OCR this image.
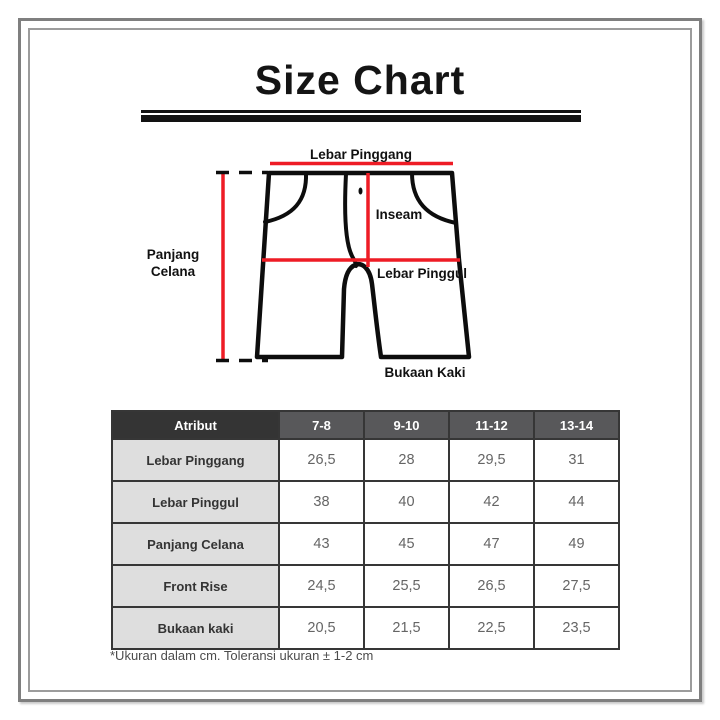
Size Chart
Lebar Pinggang
Inseam
Lebar Pinggul
Bukaan Kaki
Panjang
Celana
Atribut	7-8	9-10	11-12	13-14
Lebar Pinggang	26,5	28	29,5	31
Lebar Pinggul	38	40	42	44
Panjang Celana	43	45	47	49
Front Rise	24,5	25,5	26,5	27,5
Bukaan kaki	20,5	21,5	22,5	23,5
*Ukuran dalam cm. Toleransi ukuran ± 1-2 cm
